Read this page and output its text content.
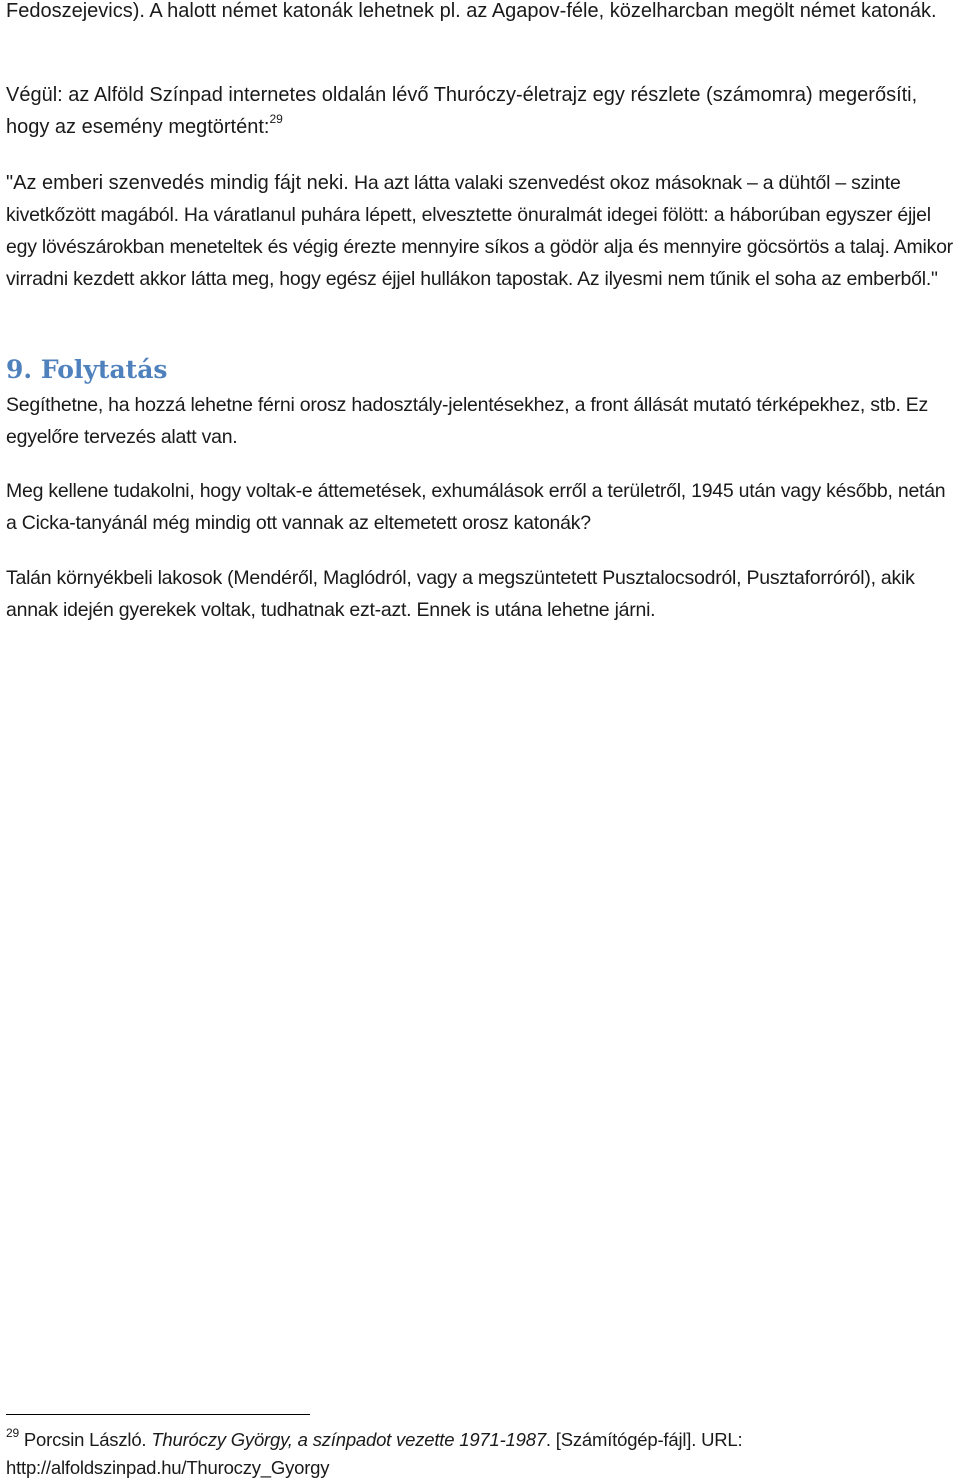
Fedoszejevics). A halott német katonák lehetnek pl. az Agapov-féle, közelharcban megölt német katonák.

Végül: az Alföld Színpad internetes oldalán lévő Thuróczy-életrajz egy részlete (számomra) megerősíti, hogy az esemény megtörtént:$^{29}$

"Az emberi szenvedés mindig fájt neki. Ha azt látta valaki szenvedést okoz másoknak – a dühtől – szinte kivetkőzött magából. Ha váratlanul puhára lépett, elvesztette önuralmát idegei fölött: a háborúban egyszer éjjel egy lövészárokban meneteltek és végig érezte mennyire síkos a gödör alja és mennyire göcsörtös a talaj. Amikor virradni kezdett akkor látta meg, hogy egész éjjel hullákon tapostak. Az ilyesmi nem tűnik el soha az emberből."

9. Folytatás

Segíthetne, ha hozzá lehetne férni orosz hadosztály-jelentésekhez, a front állását mutató térképekhez, stb. Ez egyelőre tervezés alatt van.

Meg kellene tudakolni, hogy voltak-e áttemetések, exhumálások erről a területről, 1945 után vagy később, netán a Cicka-tanyánál még mindig ott vannak az eltemetett orosz katonák?

Talán környékbeli lakosok (Mendéről, Maglódról, vagy a megszüntetett Pusztalocsodról, Pusztaforróról), akik annak idején gyerekek voltak, tudhatnak ezt-azt. Ennek is utána lehetne járni.

$^{29}$ Porcsin László. Thuróczy György, a színpadot vezette 1971-1987. [Számítógép-fájl]. URL:
http://alfoldszinpad.hu/Thuroczy_Gyorgy
